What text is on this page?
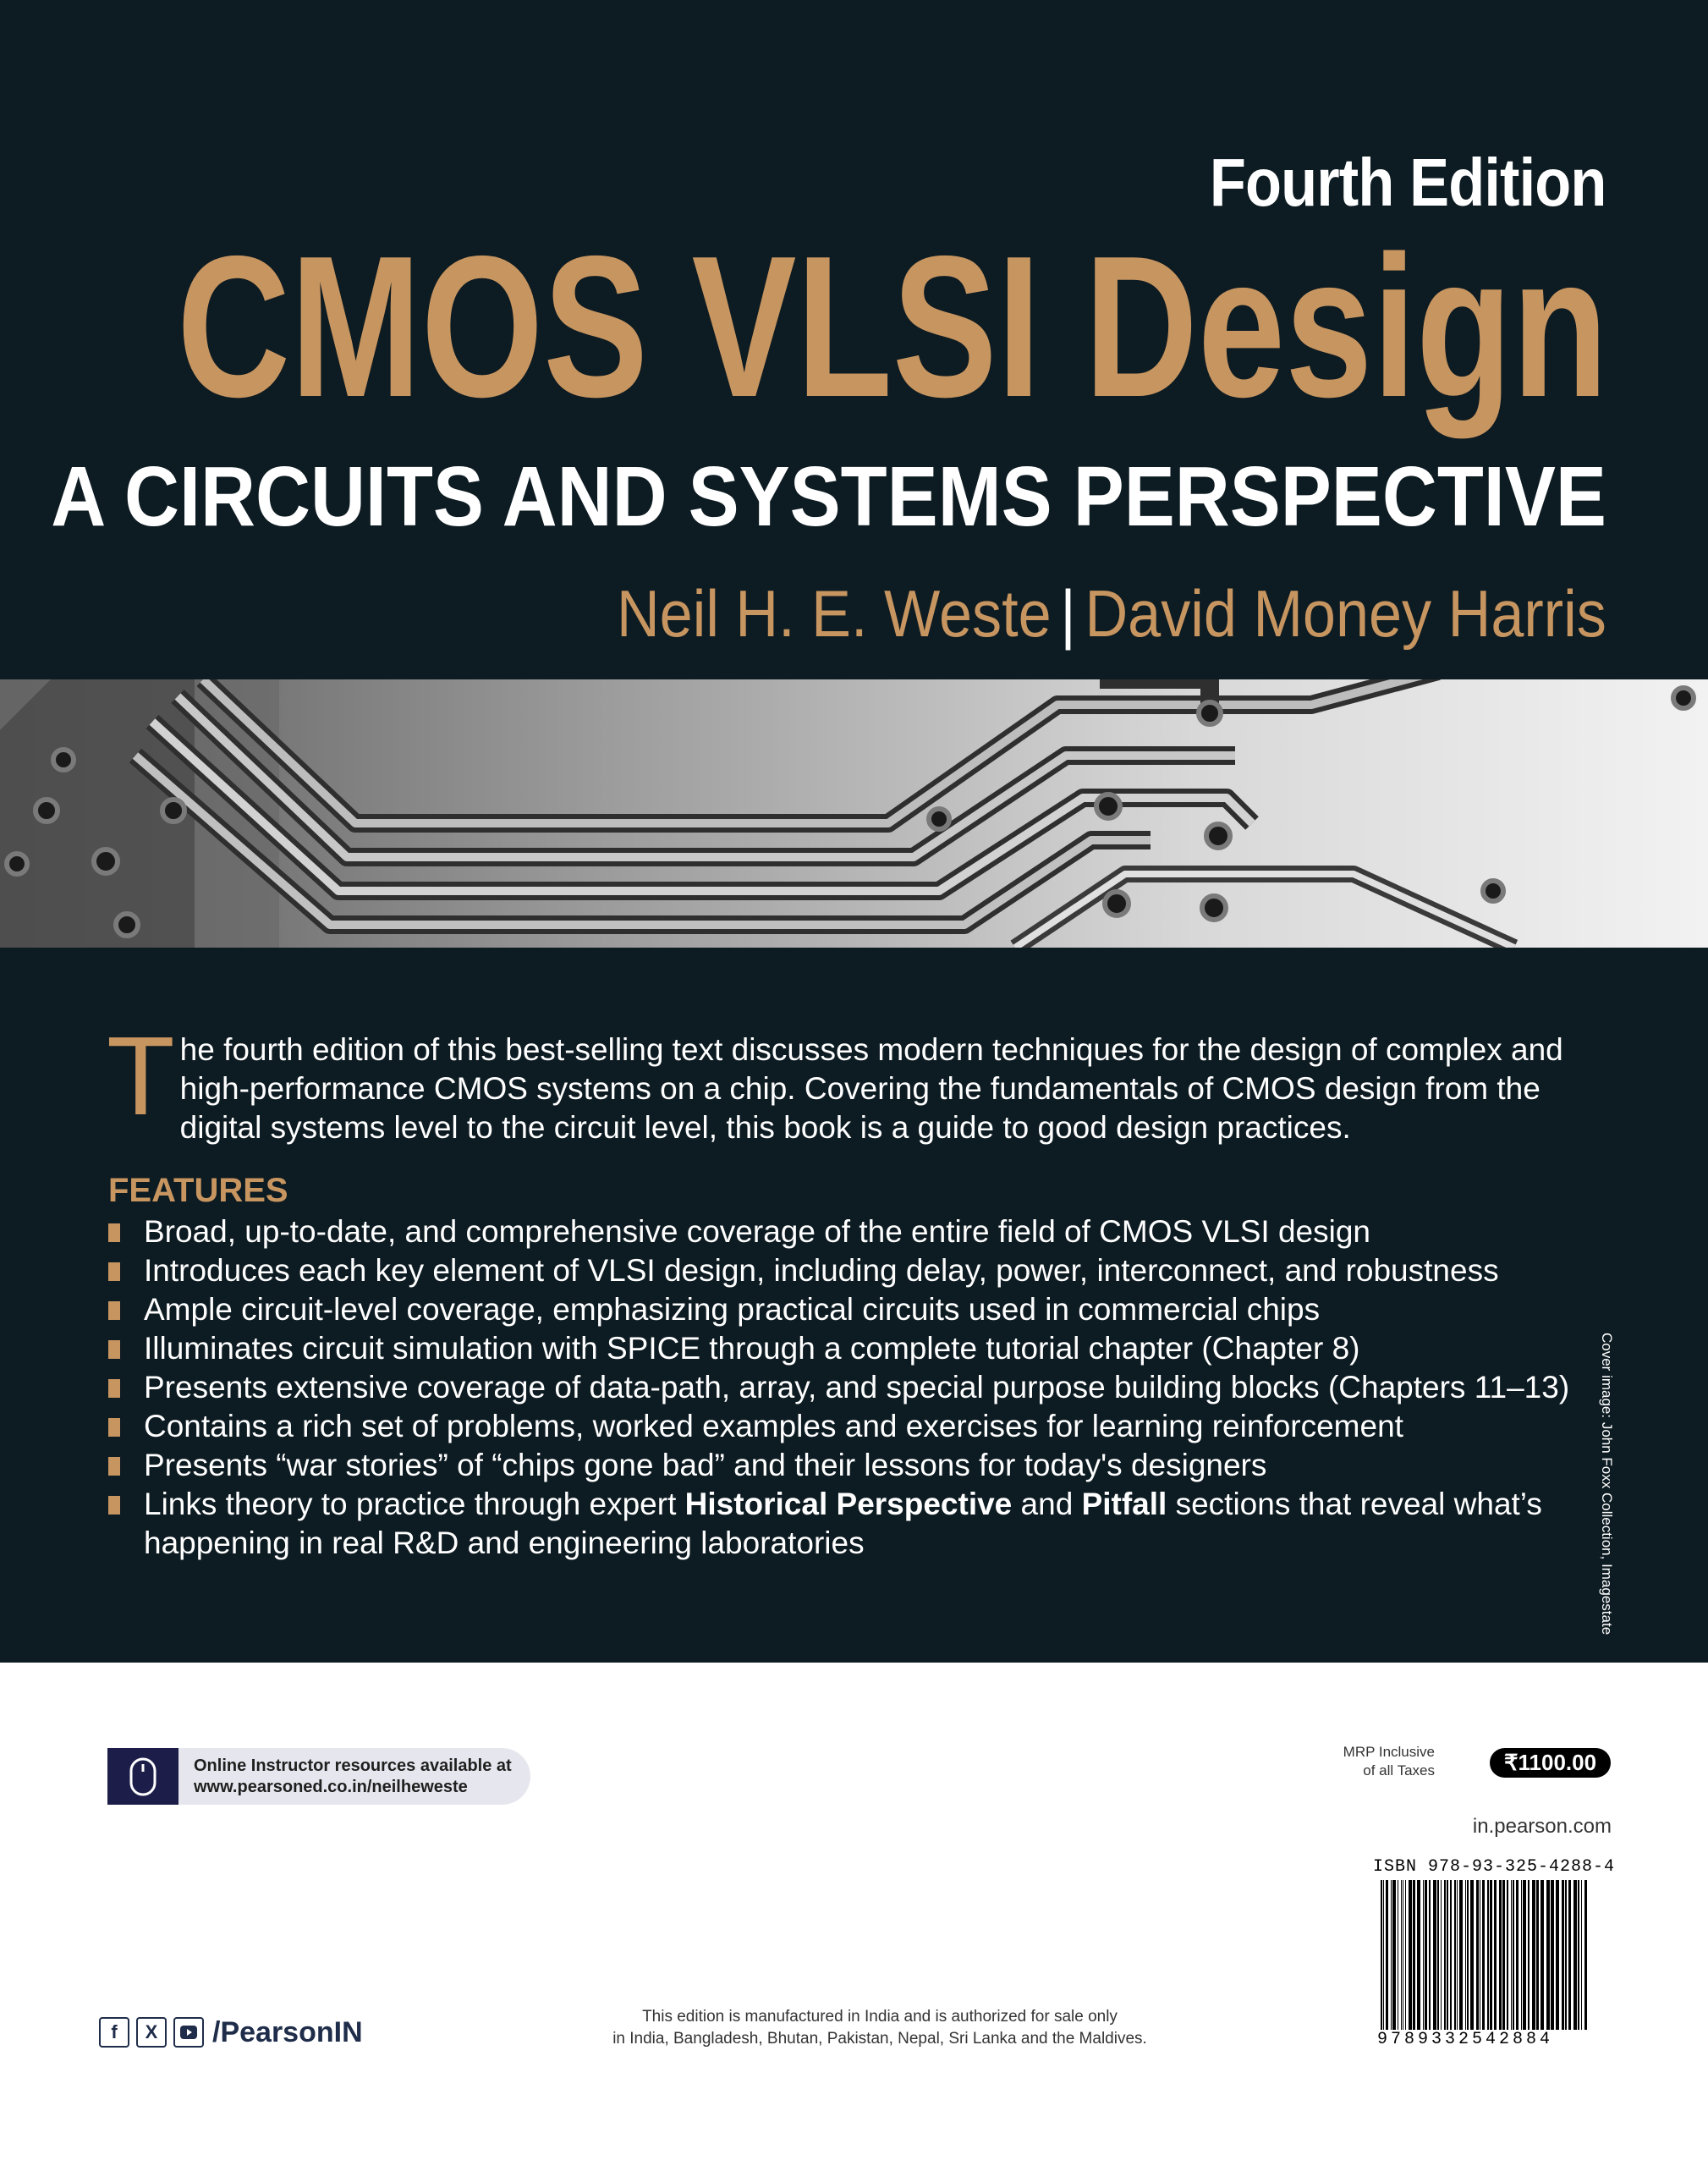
Fourth Edition
CMOS VLSI Design
A CIRCUITS AND SYSTEMS PERSPECTIVE

Neil H. E. Weste | David Money Harris

The fourth edition of this best-selling text discusses modern techniques for the design of complex and high-performance CMOS systems on a chip. Covering the fundamentals of CMOS design from the digital systems level to the circuit level, this book is a guide to good design practices.

FEATURES
Broad, up-to-date, and comprehensive coverage of the entire field of CMOS VLSI design
Introduces each key element of VLSI design, including delay, power, interconnect, and robustness
Ample circuit-level coverage, emphasizing practical circuits used in commercial chips
Illuminates circuit simulation with SPICE through a complete tutorial chapter (Chapter 8)
Presents extensive coverage of data-path, array, and special purpose building blocks (Chapters 11–13)
Contains a rich set of problems, worked examples and exercises for learning reinforcement
Presents “war stories” of “chips gone bad” and their lessons for today's designers
Links theory to practice through expert Historical Perspective and Pitfall sections that reveal what’s happening in real R&D and engineering laboratories	Cover image: John Foxx Collection, Imagestate

Online Instructor resources available at
www.pearsoned.co.in/neilheweste
MRP Inclusive
of all Taxes	₹1100.00
in.pearson.com
ISBN 978-93-325-4288-4
9789332542884
f	X	/PearsonIN	This edition is manufactured in India and is authorized for sale only
in India, Bangladesh, Bhutan, Pakistan, Nepal, Sri Lanka and the Maldives.
